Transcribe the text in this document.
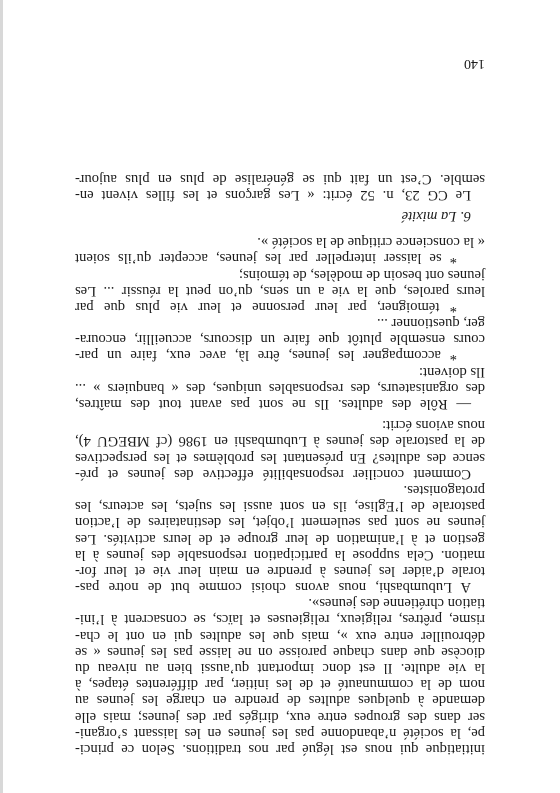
initiatique qui nous est légué par nos traditions. Selon ce princi-
pe, la société n’abandonne pas les jeunes en les laissant s’organi-
ser dans des groupes entre eux, dirigés par des jeunes; mais elle
demande à quelques adultes de prendre en charge les jeunes au
nom de la communauté et de les initier, par différentes étapes, à
la vie adulte. Il est donc important qu’aussi bien au niveau du
diocèse que dans chaque paroisse on ne laisse pas les jeunes « se
débrouiller entre eux », mais que les adultes qui en ont le cha-
risme, prêtres, religieux, religieuses et laïcs, se consacrent à l’ini-
tiation chrétienne des jeunes».
A Lubumbashi, nous avons choisi comme but de notre pas-
torale d’aider les jeunes à prendre en main leur vie et leur for-
mation. Cela suppose la participation responsable des jeunes à la
gestion et à l’animation de leur groupe et de leurs activités. Les
jeunes ne sont pas seulement l’objet, les destinataires de l’action
pastorale de l’Eglise, ils en sont aussi les sujets, les acteurs, les
protagonistes.
Comment concilier responsabilité effective des jeunes et pré-
sence des adultes? En présentant les problèmes et les perspectives
de la pastorale des jeunes à Lubumbashi en 1986 (cf MBEGU 4),
nous avions écrit:
— Rôle des adultes. Ils ne sont pas avant tout des maîtres,
des organisateurs, des responsables uniques, des « banquiers » ...
Ils doivent:
* accompagner les jeunes, être là, avec eux, faire un par-
cours ensemble plutôt que faire un discours, accueillir, encoura-
ger, questionner ...
* témoigner, par leur personne et leur vie plus que par
leurs paroles, que la vie a un sens, qu’on peut la réussir ... Les
jeunes ont besoin de modèles, de témoins;
* se laisser interpeller par les jeunes, accepter qu’ils soient
« la conscience critique de la société ».
6. La mixité
Le CG 23, n. 52 écrit: « Les garçons et les filles vivent en-
semble. C’est un fait qui se généralise de plus en plus aujour-
140
